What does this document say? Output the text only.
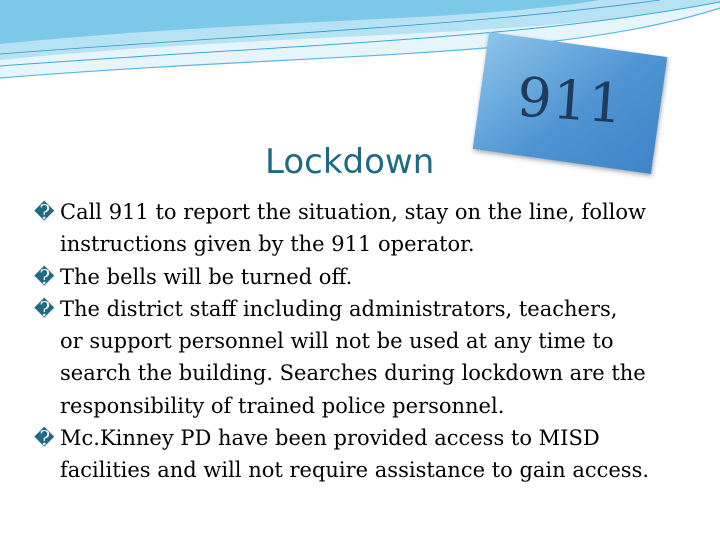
911
Lockdown
� Call 911 to report the situation, stay on the line, follow
instructions given by the 911 operator.
� The bells will be turned off.
� The district staff including administrators, teachers,
or support personnel will not be used at any time to
search the building. Searches during lockdown are the
responsibility of trained police personnel.
� Mc.Kinney PD have been provided access to MISD
facilities and will not require assistance to gain access.
